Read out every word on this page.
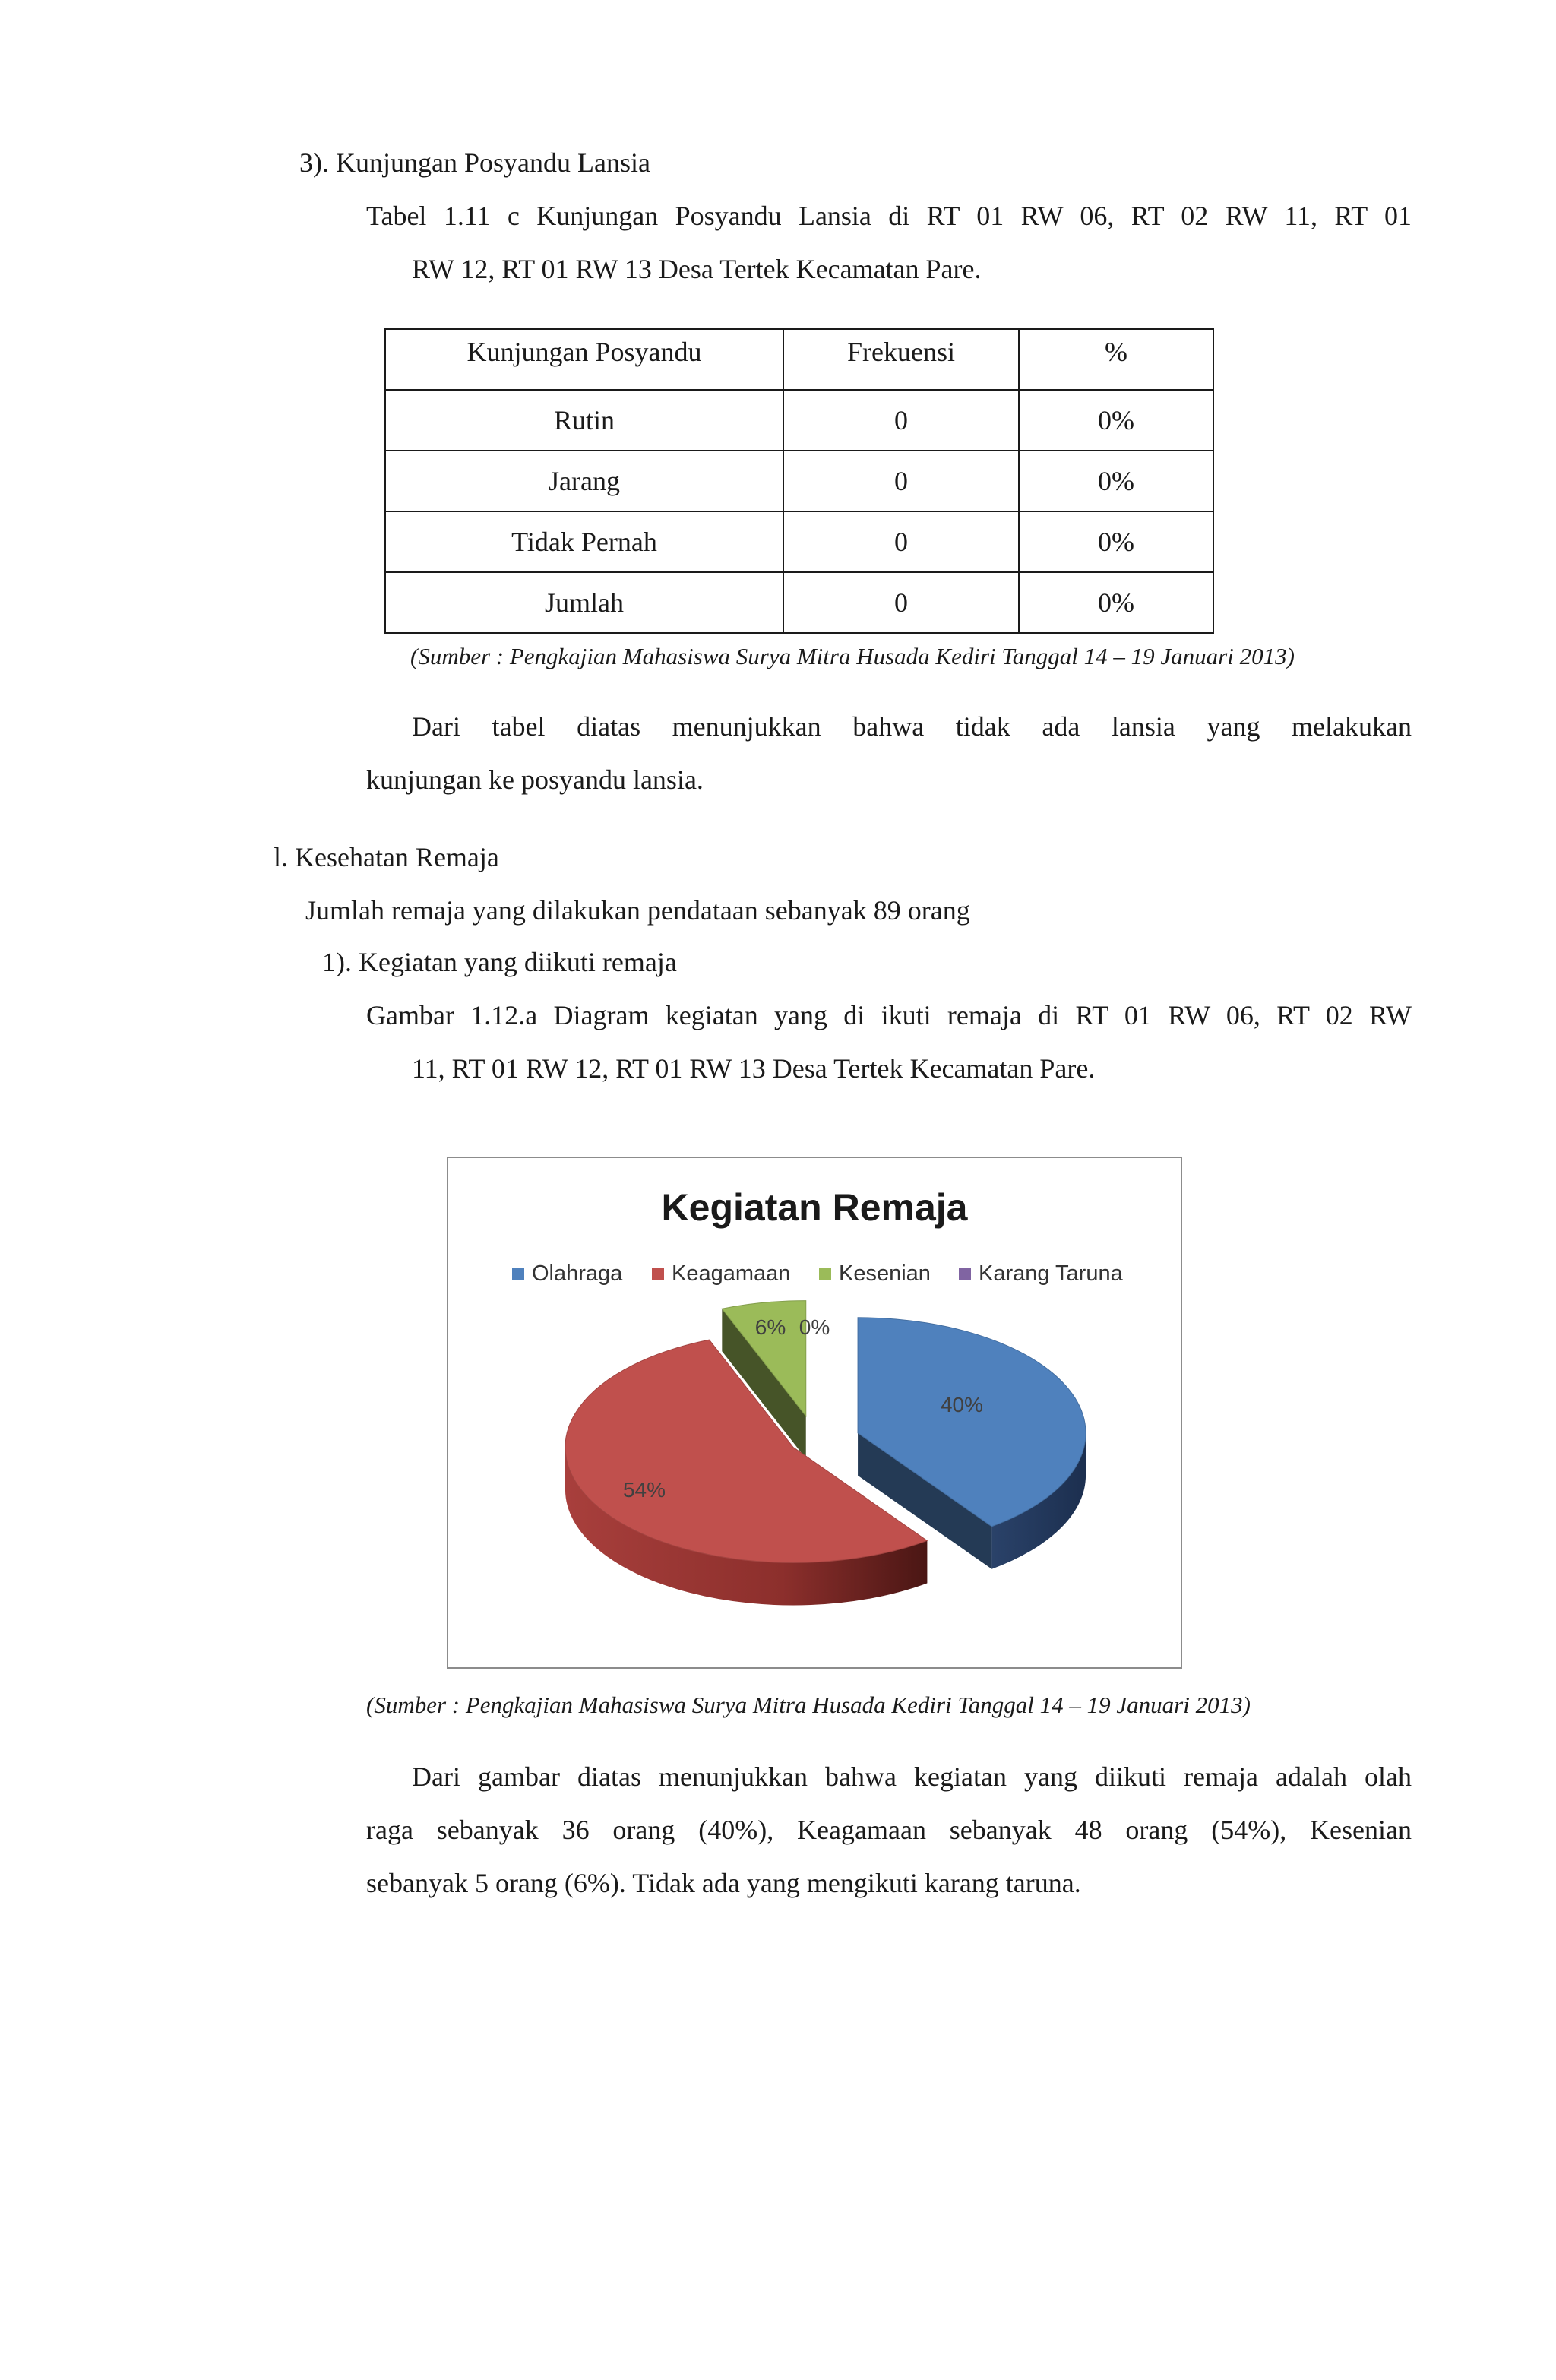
3). Kunjungan Posyandu Lansia
Tabel 1.11 c Kunjungan Posyandu Lansia di RT 01 RW 06, RT 02 RW 11, RT 01
RW 12, RT 01 RW 13 Desa Tertek Kecamatan Pare.
Kunjungan Posyandu	Frekuensi	%
Rutin	0	0%
Jarang	0	0%
Tidak Pernah	0	0%
Jumlah	0	0%
(Sumber : Pengkajian Mahasiswa Surya Mitra Husada Kediri Tanggal 14 – 19 Januari 2013)
Dari tabel diatas menunjukkan bahwa tidak ada lansia yang melakukan
kunjungan ke posyandu lansia.
l. Kesehatan Remaja
Jumlah remaja yang dilakukan pendataan sebanyak 89 orang
1). Kegiatan yang diikuti remaja
Gambar 1.12.a Diagram kegiatan yang di ikuti remaja di RT 01 RW 06, RT 02 RW
11, RT 01 RW 12, RT 01 RW 13 Desa Tertek Kecamatan Pare.
Kegiatan Remaja
Olahraga Keagamaan Kesenian Karang Taruna
40%
54%
6% 0%
(Sumber : Pengkajian Mahasiswa Surya Mitra Husada Kediri Tanggal 14 – 19 Januari 2013)
Dari gambar diatas menunjukkan bahwa kegiatan yang diikuti remaja adalah olah
raga sebanyak 36 orang (40%), Keagamaan sebanyak 48 orang (54%), Kesenian
sebanyak 5 orang (6%). Tidak ada yang mengikuti karang taruna.
